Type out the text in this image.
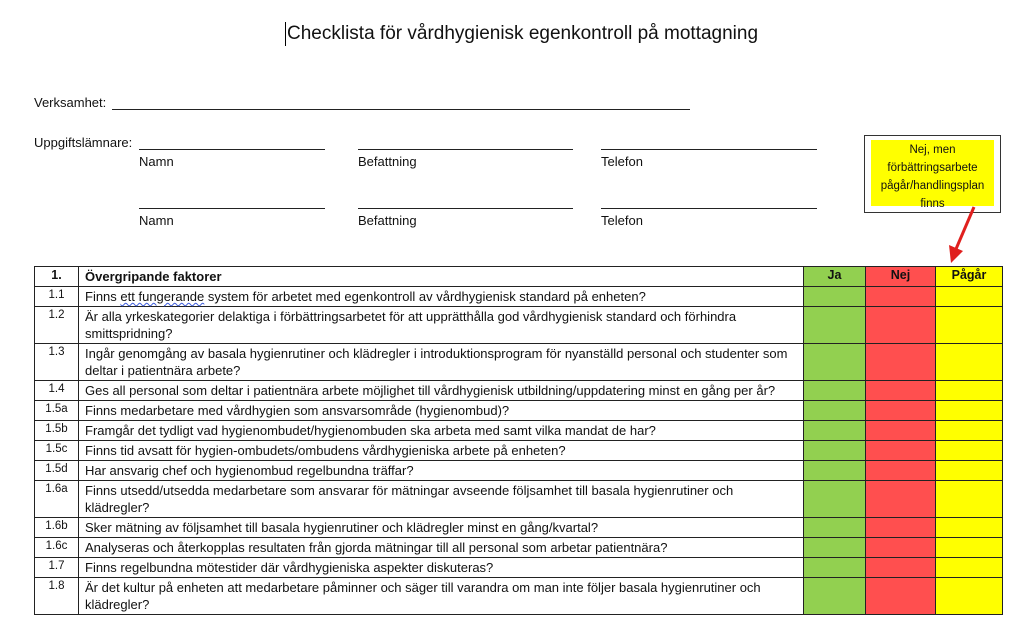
Checklista för vårdhygienisk egenkontroll på mottagning
Verksamhet:
Uppgiftslämnare:
Namn	Befattning	Telefon
Namn	Befattning	Telefon
Nej, men förbättringsarbete pågår/handlingsplan finns
1.	Övergripande faktorer	Ja	Nej	Pågår
1.1	Finns ett fungerande system för arbetet med egenkontroll av vårdhygienisk standard på enheten?			
1.2	Är alla yrkeskategorier delaktiga i förbättringsarbetet för att upprätthålla god vårdhygienisk standard och förhindra smittspridning?			
1.3	Ingår genomgång av basala hygienrutiner och klädregler i introduktionsprogram för nyanställd personal och studenter som deltar i patientnära arbete?			
1.4	Ges all personal som deltar i patientnära arbete möjlighet till vårdhygienisk utbildning/uppdatering minst en gång per år?			
1.5a	Finns medarbetare med vårdhygien som ansvarsområde (hygienombud)?			
1.5b	Framgår det tydligt vad hygienombudet/hygienombuden ska arbeta med samt vilka mandat de har?			
1.5c	Finns tid avsatt för hygien-ombudets/ombudens vårdhygieniska arbete på enheten?			
1.5d	Har ansvarig chef och hygienombud regelbundna träffar?			
1.6a	Finns utsedd/utsedda medarbetare som ansvarar för mätningar avseende följsamhet till basala hygienrutiner och klädregler?			
1.6b	Sker mätning av följsamhet till basala hygienrutiner och klädregler minst en gång/kvartal?			
1.6c	Analyseras och återkopplas resultaten från gjorda mätningar till all personal som arbetar patientnära?			
1.7	Finns regelbundna mötestider där vårdhygieniska aspekter diskuteras?			
1.8	Är det kultur på enheten att medarbetare påminner och säger till varandra om man inte följer basala hygienrutiner och klädregler?			
